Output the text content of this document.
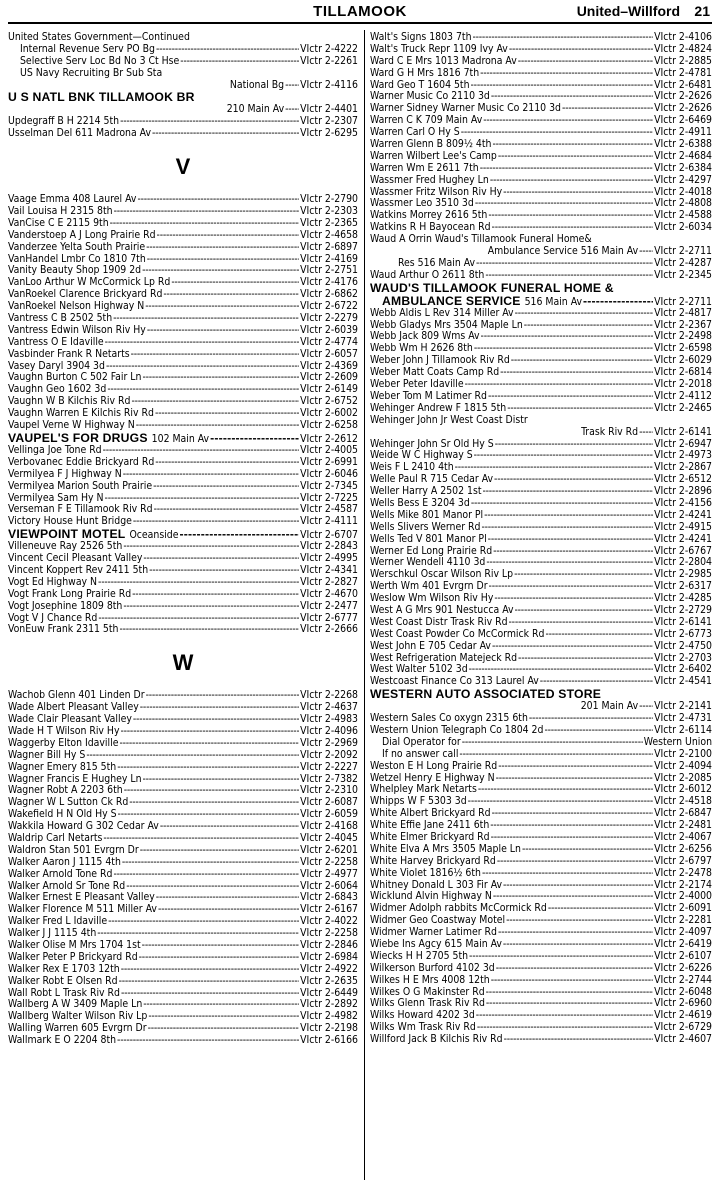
TILLAMOOK	United–Willford 21
United States Government—Continued
Internal Revenue Serv PO Bg - - -	VIctr 2-4222
Selective Serv Loc Bd No 3 Ct Hse - - -	VIctr 2-2261
US Navy Recruiting Br Sub Sta
National Bg - - - VIctr 2-4116
U S NATL BNK TILLAMOOK BR
210 Main Av - - - VIctr 2-4401
Updegraff B H 2214 5th - - -	VIctr 2-2307
Usselman Del 611 Madrona Av - - -	VIctr 2-6295
V
Vaage Emma 408 Laurel Av - - -	VIctr 2-2790
Vail Louisa H 2315 8th - - -	VIctr 2-2303
VanCise C E 2115 9th - - -	VIctr 2-2365
Vanderstoep A J Long Prairie Rd - - -	VIctr 2-4658
Vanderzee Yelta South Prairie - - -	VIctr 2-6897
VanHandel Lmbr Co 1810 7th - - -	VIctr 2-4169
Vanity Beauty Shop 1909 2d - - -	VIctr 2-2751
VanLoo Arthur W McCormick Lp Rd - - -	VIctr 2-4176
VanRoekel Clarence Brickyard Rd - - -	VIctr 2-6862
VanRoekel Nelson Highway N - - -	VIctr 2-6722
Vantress C B 2502 5th - - -	VIctr 2-2279
Vantress Edwin Wilson Riv Hy - - -	VIctr 2-6039
Vantress O E Idaville - - -	VIctr 2-4774
Vasbinder Frank R Netarts - - -	VIctr 2-6057
Vasey Daryl 3904 3d - - -	VIctr 2-4369
Vaughn Burton C 502 Fair Ln - - -	VIctr 2-2609
Vaughn Geo 1602 3d - - -	VIctr 2-6149
Vaughn W B Kilchis Riv Rd - - -	VIctr 2-6752
Vaughn Warren E Kilchis Riv Rd - - -	VIctr 2-6002
Vaupel Verne W Highway N - - -	VIctr 2-6258
VAUPEL'S FOR DRUGS 102 Main Av - - -	VIctr 2-2612
Vellinga Joe Tone Rd - - -	VIctr 2-4005
Verbovanec Eddie Brickyard Rd - - -	VIctr 2-6991
Vermilyea F J Highway N - - -	VIctr 2-6046
Vermilyea Marion South Prairie - - -	VIctr 2-7345
Vermilyea Sam Hy N - - -	VIctr 2-7225
Verseman F E Tillamook Riv Rd - - -	VIctr 2-4587
Victory House Hunt Bridge - - -	VIctr 2-4111
VIEWPOINT MOTEL Oceanside - - -	VIctr 2-6707
Villeneuve Ray 2526 5th - - -	VIctr 2-2843
Vincent Cecil Pleasant Valley - - -	VIctr 2-4995
Vincent Koppert Rev 2411 5th - - -	VIctr 2-4341
Vogt Ed Highway N - - -	VIctr 2-2827
Vogt Frank Long Prairie Rd - - -	VIctr 2-4670
Vogt Josephine 1809 8th - - -	VIctr 2-2477
Vogt V J Chance Rd - - -	VIctr 2-6777
VonEuw Frank 2311 5th - - -	VIctr 2-2666
W
Wachob Glenn 401 Linden Dr - - -	VIctr 2-2268
Wade Albert Pleasant Valley - - -	VIctr 2-4637
Wade Clair Pleasant Valley - - -	VIctr 2-4983
Wade H T Wilson Riv Hy - - -	VIctr 2-4096
Waggerby Elton Idaville - - -	VIctr 2-2969
Wagner Bill Hy S - - -	VIctr 2-2092
Wagner Emery 815 5th - - -	VIctr 2-2227
Wagner Francis E Hughey Ln - - -	VIctr 2-7382
Wagner Robt A 2203 6th - - -	VIctr 2-2310
Wagner W L Sutton Ck Rd - - -	VIctr 2-6087
Wakefield H N Old Hy S - - -	VIctr 2-6059
Wakkila Howard G 302 Cedar Av - - -	VIctr 2-4168
Waldrip Carl Netarts - - -	VIctr 2-4045
Waldron Stan 501 Evrgrn Dr - - -	VIctr 2-6201
Walker Aaron J 1115 4th - - -	VIctr 2-2258
Walker Arnold Tone Rd - - -	VIctr 2-4977
Walker Arnold Sr Tone Rd - - -	VIctr 2-6064
Walker Ernest E Pleasant Valley - - -	VIctr 2-6843
Walker Florence M 511 Miller Av - - -	VIctr 2-6167
Walker Fred L Idaville - - -	VIctr 2-4022
Walker J J 1115 4th - - -	VIctr 2-2258
Walker Olise M Mrs 1704 1st - - -	VIctr 2-2846
Walker Peter P Brickyard Rd - - -	VIctr 2-6984
Walker Rex E 1703 12th - - -	VIctr 2-4922
Walker Robt E Olsen Rd - - -	VIctr 2-2635
Wall Robt L Trask Riv Rd - - -	VIctr 2-6449
Wallberg A W 3409 Maple Ln - - -	VIctr 2-2892
Wallberg Walter Wilson Riv Lp - - -	VIctr 2-4982
Walling Warren 605 Evrgrn Dr - - -	VIctr 2-2198
Wallmark E O 2204 8th - - -	VIctr 2-6166
Walt's Signs 1803 7th - - -	VIctr 2-4106
Walt's Truck Repr 1109 Ivy Av - - -	VIctr 2-4824
Ward C E Mrs 1013 Madrona Av - - -	VIctr 2-2885
Ward G H Mrs 1816 7th - - -	VIctr 2-4781
Ward Geo T 1604 5th - - -	VIctr 2-6481
Warner Music Co 2110 3d - - -	VIctr 2-2626
Warner Sidney Warner Music Co 2110 3d - - -	VIctr 2-2626
Warren C K 709 Main Av - - -	VIctr 2-6469
Warren Carl O Hy S - - -	VIctr 2-4911
Warren Glenn B 809½ 4th - - -	VIctr 2-6388
Warren Wilbert Lee's Camp - - -	VIctr 2-4684
Warren Wm E 2611 7th - - -	VIctr 2-6384
Wassmer Fred Hughey Ln - - -	VIctr 2-4297
Wassmer Fritz Wilson Riv Hy - - -	VIctr 2-4018
Wassmer Leo 3510 3d - - -	VIctr 2-4808
Watkins Morrey 2616 5th - - -	VIctr 2-4588
Watkins R H Bayocean Rd - - -	VIctr 2-6034
Waud A Orrin Waud's Tillamook Funeral Home&
Ambulance Service 516 Main Av - - - VIctr 2-2711
Res 516 Main Av - - -	VIctr 2-4287
Waud Arthur O 2611 8th - - -	VIctr 2-2345
WAUD'S TILLAMOOK FUNERAL HOME &
AMBULANCE SERVICE 516 Main Av - - -	VIctr 2-2711
Webb Aldis L Rev 314 Miller Av - - -	VIctr 2-4817
Webb Gladys Mrs 3504 Maple Ln - - -	VIctr 2-2367
Webb Jack 809 Wms Av - - -	VIctr 2-2498
Webb Wm H 2626 8th - - -	VIctr 2-6598
Weber John J Tillamook Riv Rd - - -	VIctr 2-6029
Weber Matt Coats Camp Rd - - -	VIctr 2-6814
Weber Peter Idaville - - -	VIctr 2-2018
Weber Tom M Latimer Rd - - -	VIctr 2-4112
Wehinger Andrew F 1815 5th - - -	VIctr 2-2465
Wehinger John Jr West Coast Distr
Trask Riv Rd - - - VIctr 2-6141
Wehinger John Sr Old Hy S - - -	VIctr 2-6947
Weide W C Highway S - - -	VIctr 2-4973
Weis F L 2410 4th - - -	VIctr 2-2867
Welle Paul R 715 Cedar Av - - -	VIctr 2-6512
Weller Harry A 2502 1st - - -	VIctr 2-2896
Wells Bess E 3204 3d - - -	VIctr 2-4156
Wells Mike 801 Manor Pl - - -	VIctr 2-4241
Wells Slivers Werner Rd - - -	VIctr 2-4915
Wells Ted V 801 Manor Pl - - -	VIctr 2-4241
Werner Ed Long Prairie Rd - - -	VIctr 2-6767
Werner Wendell 4110 3d - - -	VIctr 2-2804
Werschkul Oscar Wilson Riv Lp - - -	VIctr 2-2985
Werth Wm 401 Evrgrn Dr - - -	VIctr 2-6317
Weslow Wm Wilson Riv Hy - - -	VIctr 2-4285
West A G Mrs 901 Nestucca Av - - -	VIctr 2-2729
West Coast Distr Trask Riv Rd - - -	VIctr 2-6141
West Coast Powder Co McCormick Rd - - -	VIctr 2-6773
West John E 705 Cedar Av - - -	VIctr 2-4750
West Refrigeration Matejeck Rd - - -	VIctr 2-2703
West Walter 5102 3d - - -	VIctr 2-6402
Westcoast Finance Co 313 Laurel Av - - -	VIctr 2-4541
WESTERN AUTO ASSOCIATED STORE
201 Main Av - - - VIctr 2-2141
Western Sales Co oxygn 2315 6th - - -	VIctr 2-4731
Western Union Telegraph Co 1804 2d - - -	VIctr 2-6114
Dial Operator for - - -	Western Union
If no answer call - - -	VIctr 2-2100
Weston E H Long Prairie Rd - - -	VIctr 2-4094
Wetzel Henry E Highway N - - -	VIctr 2-2085
Whelpley Mark Netarts - - -	VIctr 2-6012
Whipps W F 5303 3d - - -	VIctr 2-4518
White Albert Brickyard Rd - - -	VIctr 2-6847
White Effie Jane 2411 6th - - -	VIctr 2-2481
White Elmer Brickyard Rd - - -	VIctr 2-4067
White Elva A Mrs 3505 Maple Ln - - -	VIctr 2-6256
White Harvey Brickyard Rd - - -	VIctr 2-6797
White Violet 1816½ 6th - - -	VIctr 2-2478
Whitney Donald L 303 Fir Av - - -	VIctr 2-2174
Wicklund Alvin Highway N - - -	VIctr 2-4000
Widmer Adolph rabbits McCormick Rd - - -	VIctr 2-6091
Widmer Geo Coastway Motel - - -	VIctr 2-2281
Widmer Warner Latimer Rd - - -	VIctr 2-4097
Wiebe Ins Agcy 615 Main Av - - -	VIctr 2-6419
Wiecks H H 2705 5th - - -	VIctr 2-6107
Wilkerson Burford 4102 3d - - -	VIctr 2-6226
Wilkes H E Mrs 4008 12th - - -	VIctr 2-2744
Wilkes O G Makinster Rd - - -	VIctr 2-6048
Wilks Glenn Trask Riv Rd - - -	VIctr 2-6960
Wilks Howard 4202 3d - - -	VIctr 2-4619
Wilks Wm Trask Riv Rd - - -	VIctr 2-6729
Willford Jack B Kilchis Riv Rd - - -	VIctr 2-4607
